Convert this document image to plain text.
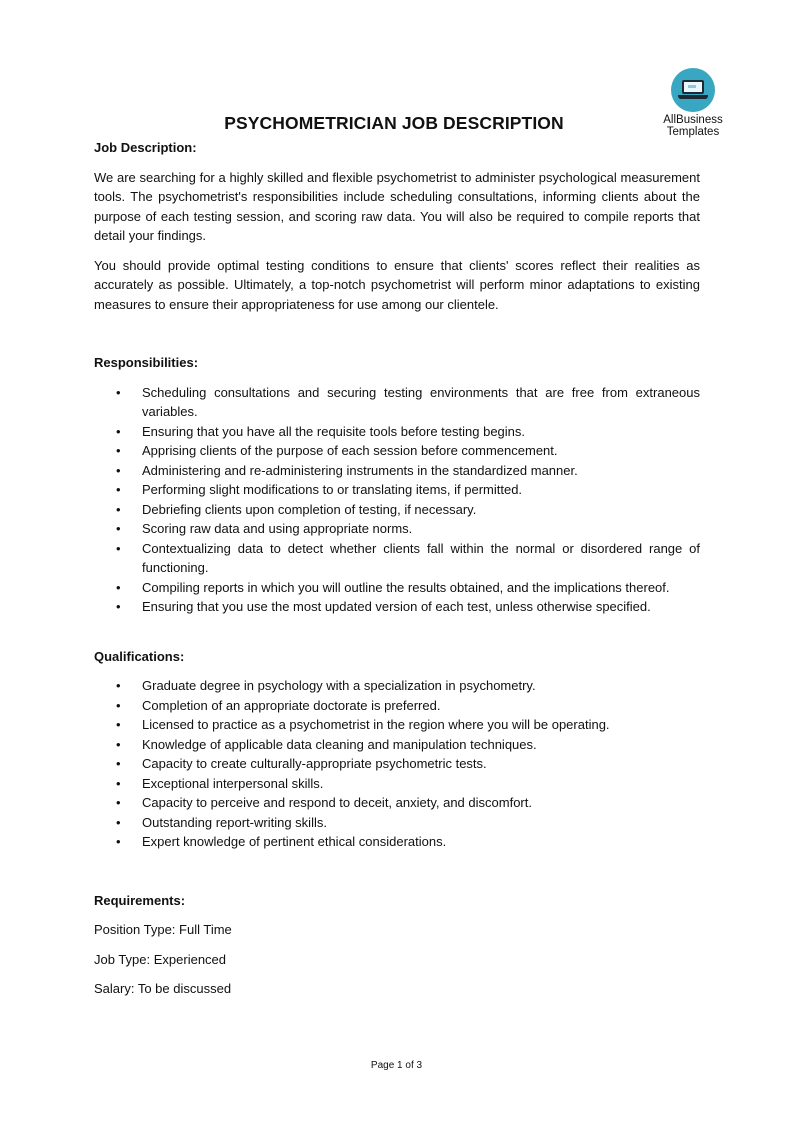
AllBusiness
Templates
PSYCHOMETRICIAN JOB DESCRIPTION

Job Description:

We are searching for a highly skilled and flexible psychometrist to administer psychological measurement tools. The psychometrist's responsibilities include scheduling consultations, informing clients about the purpose of each testing session, and scoring raw data. You will also be required to compile reports that detail your findings.

You should provide optimal testing conditions to ensure that clients' scores reflect their realities as accurately as possible. Ultimately, a top-notch psychometrist will perform minor adaptations to existing measures to ensure their appropriateness for use among our clientele.

Responsibilities:

• Scheduling consultations and securing testing environments that are free from extraneous variables.
• Ensuring that you have all the requisite tools before testing begins.
• Apprising clients of the purpose of each session before commencement.
• Administering and re-administering instruments in the standardized manner.
• Performing slight modifications to or translating items, if permitted.
• Debriefing clients upon completion of testing, if necessary.
• Scoring raw data and using appropriate norms.
• Contextualizing data to detect whether clients fall within the normal or disordered range of functioning.
• Compiling reports in which you will outline the results obtained, and the implications thereof.
• Ensuring that you use the most updated version of each test, unless otherwise specified.

Qualifications:

• Graduate degree in psychology with a specialization in psychometry.
• Completion of an appropriate doctorate is preferred.
• Licensed to practice as a psychometrist in the region where you will be operating.
• Knowledge of applicable data cleaning and manipulation techniques.
• Capacity to create culturally-appropriate psychometric tests.
• Exceptional interpersonal skills.
• Capacity to perceive and respond to deceit, anxiety, and discomfort.
• Outstanding report-writing skills.
• Expert knowledge of pertinent ethical considerations.

Requirements:

Position Type: Full Time

Job Type: Experienced

Salary: To be discussed

Page 1 of 3
